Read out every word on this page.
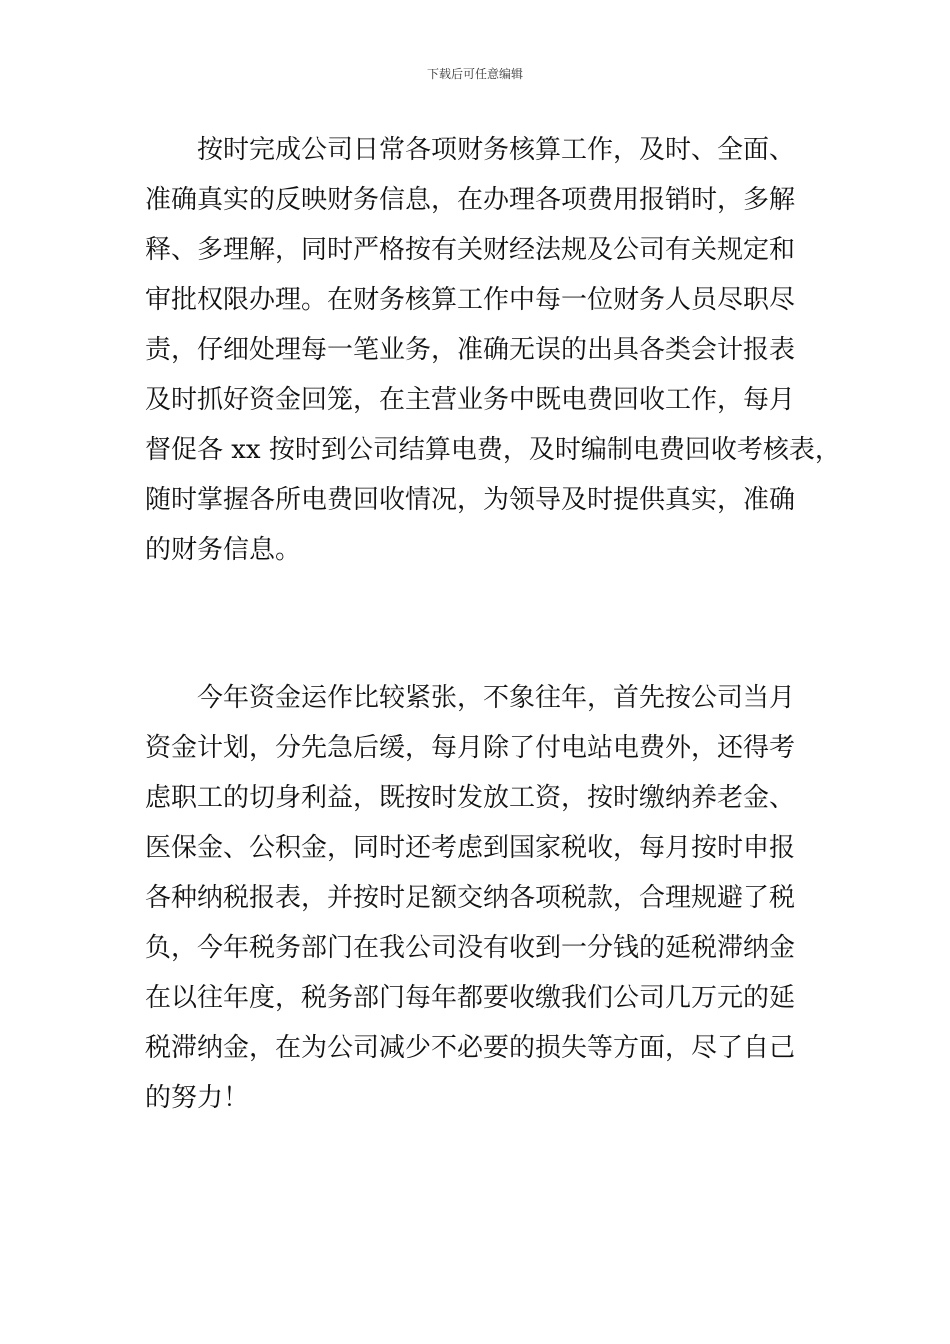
下载后可任意编辑
按时完成公司日常各项财务核算工作，及时、全面、
准确真实的反映财务信息，在办理各项费用报销时，多解
释、多理解，同时严格按有关财经法规及公司有关规定和
审批权限办理。在财务核算工作中每一位财务人员尽职尽
责，仔细处理每一笔业务，准确无误的出具各类会计报表
及时抓好资金回笼，在主营业务中既电费回收工作，每月
督促各 xx 按时到公司结算电费，及时编制电费回收考核表，
随时掌握各所电费回收情况，为领导及时提供真实，准确
的财务信息。
今年资金运作比较紧张，不象往年，首先按公司当月
资金计划，分先急后缓，每月除了付电站电费外，还得考
虑职工的切身利益，既按时发放工资，按时缴纳养老金、
医保金、公积金，同时还考虑到国家税收，每月按时申报
各种纳税报表，并按时足额交纳各项税款，合理规避了税
负，今年税务部门在我公司没有收到一分钱的延税滞纳金
在以往年度，税务部门每年都要收缴我们公司几万元的延
税滞纳金，在为公司减少不必要的损失等方面，尽了自己
的努力！
